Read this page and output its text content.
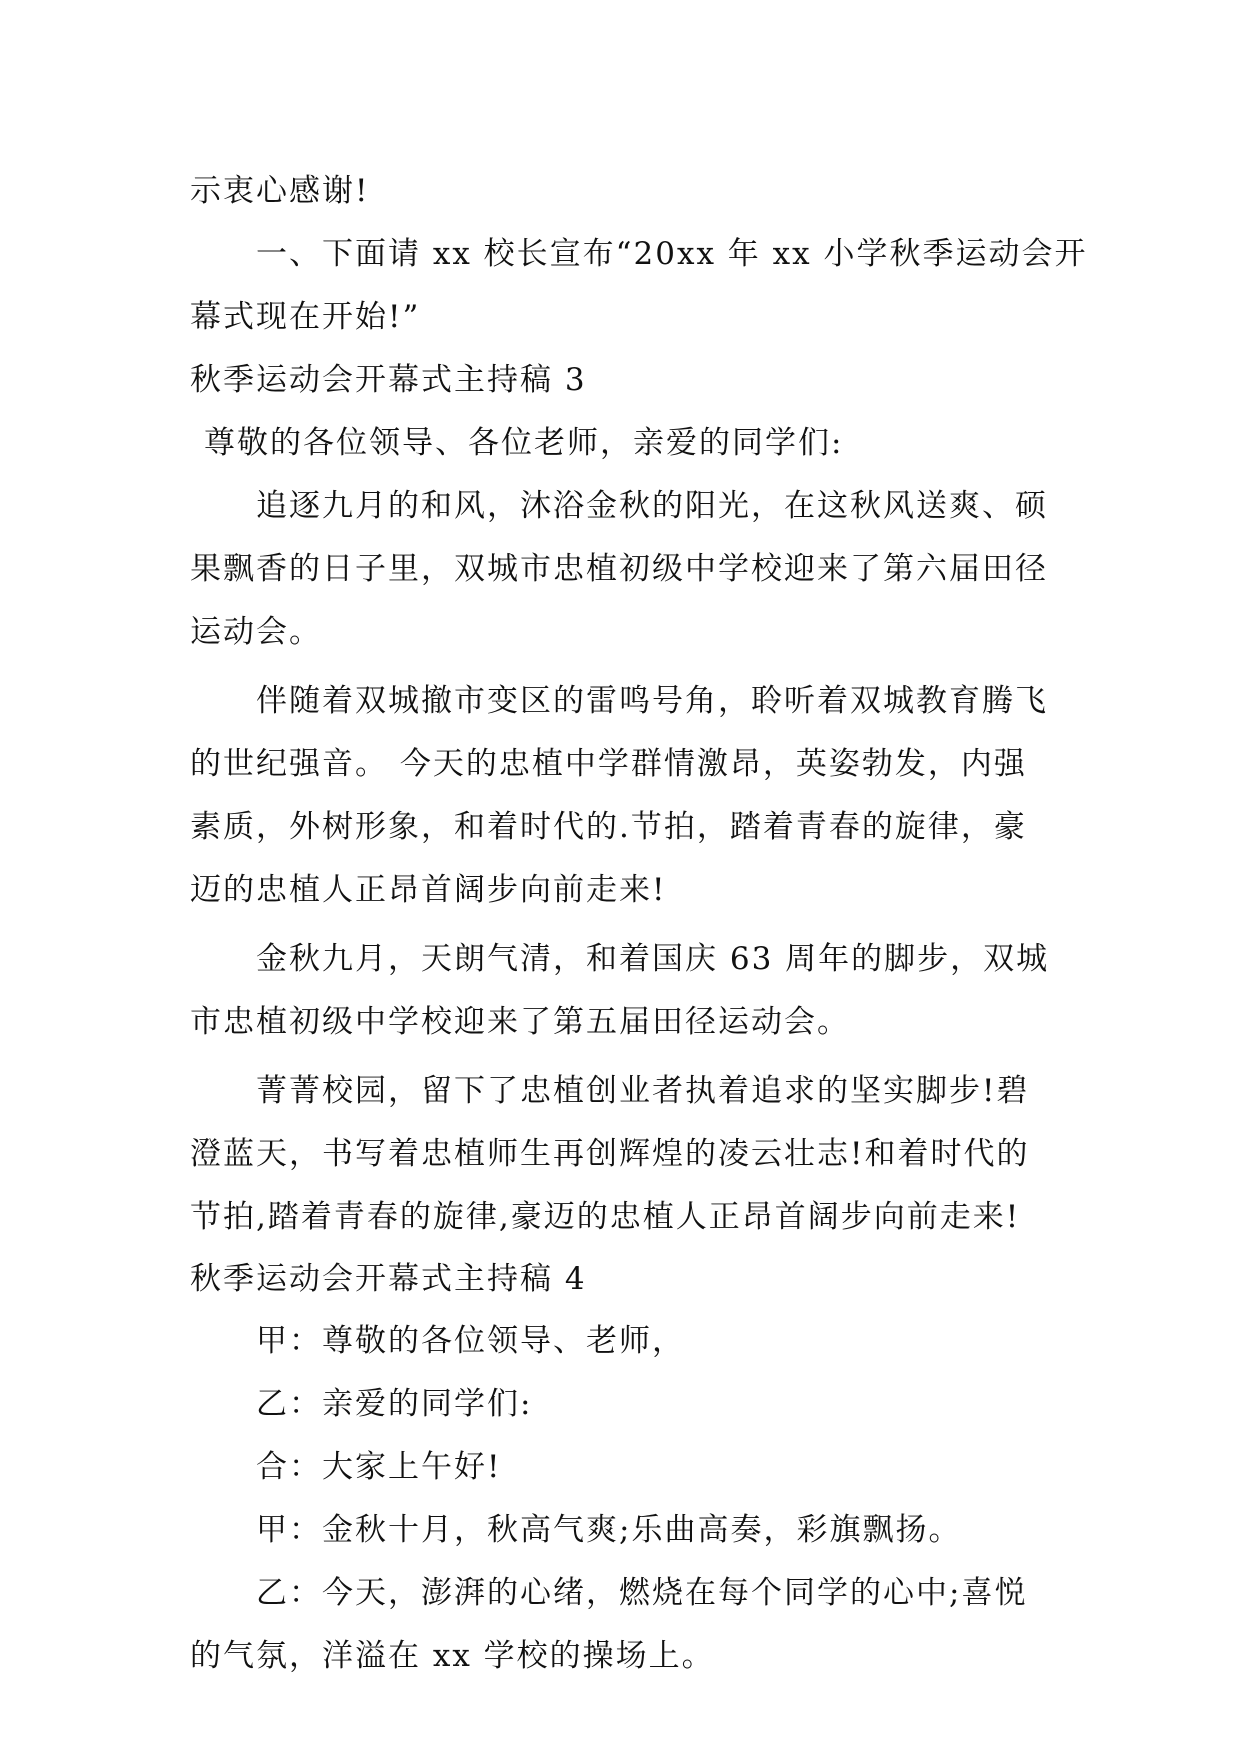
示衷心感谢!
一、下面请 xx 校长宣布“20xx 年 xx 小学秋季运动会开
幕式现在开始!”
秋季运动会开幕式主持稿 3
尊敬的各位领导、各位老师，亲爱的同学们:
追逐九月的和风，沐浴金秋的阳光，在这秋风送爽、硕
果飘香的日子里，双城市忠植初级中学校迎来了第六届田径
运动会。
伴随着双城撤市变区的雷鸣号角，聆听着双城教育腾飞
的世纪强音。 今天的忠植中学群情激昂，英姿勃发，内强
素质，外树形象，和着时代的.节拍，踏着青春的旋律，豪
迈的忠植人正昂首阔步向前走来!
金秋九月，天朗气清，和着国庆 63 周年的脚步，双城
市忠植初级中学校迎来了第五届田径运动会。
菁菁校园，留下了忠植创业者执着追求的坚实脚步!碧
澄蓝天，书写着忠植师生再创辉煌的凌云壮志!和着时代的
节拍,踏着青春的旋律,豪迈的忠植人正昂首阔步向前走来!
秋季运动会开幕式主持稿 4
甲：尊敬的各位领导、老师，
乙：亲爱的同学们:
合：大家上午好!
甲：金秋十月，秋高气爽;乐曲高奏，彩旗飘扬。
乙：今天，澎湃的心绪，燃烧在每个同学的心中;喜悦
的气氛，洋溢在 xx 学校的操场上。
